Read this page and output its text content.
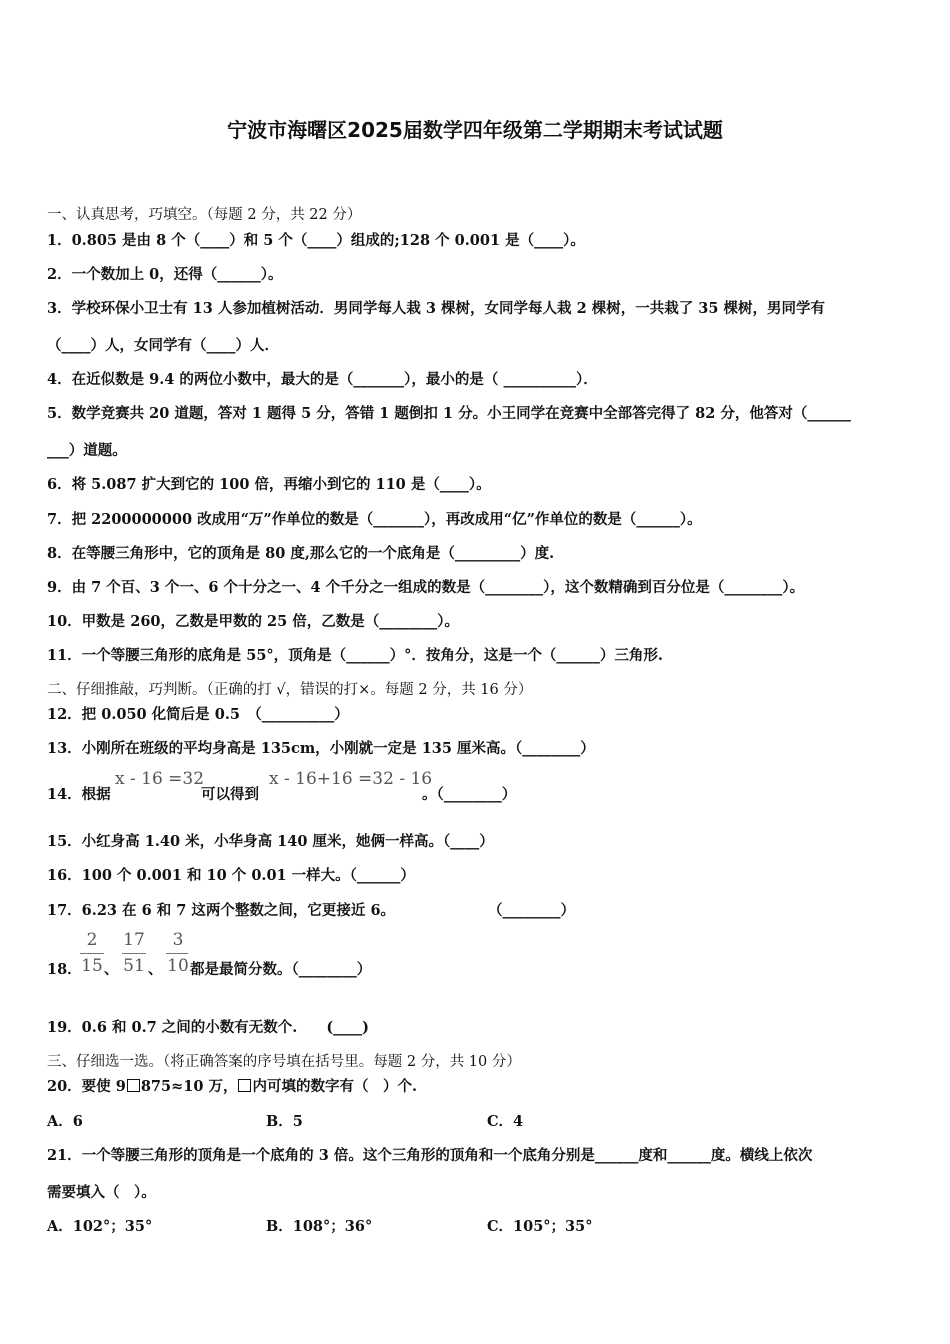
宁波市海曙区2025届数学四年级第二学期期末考试试题
一、认真思考，巧填空。（每题 2 分，共 22 分）
1．0.805 是由 8 个（____）和 5 个（____）组成的;128 个 0.001 是（____）。
2．一个数加上 0，还得（______）。
3．学校环保小卫士有 13 人参加植树活动．男同学每人栽 3 棵树，女同学每人栽 2 棵树，一共栽了 35 棵树，男同学有
（____）人，女同学有（____）人．
4．在近似数是 9.4 的两位小数中，最大的是（_______），最小的是（ __________）．
5．数学竞赛共 20 道题，答对 1 题得 5 分，答错 1 题倒扣 1 分。小王同学在竞赛中全部答完得了 82 分，他答对（______
___）道题。
6．将 5.087 扩大到它的 100 倍，再缩小到它的 110 是（____）。
7．把 2200000000 改成用“万”作单位的数是（_______），再改成用“亿”作单位的数是（______）。
8．在等腰三角形中，它的顶角是 80 度,那么它的一个底角是（_________）度.
9．由 7 个百、3 个一、6 个十分之一、4 个千分之一组成的数是（________），这个数精确到百分位是（________）。
10．甲数是 260，乙数是甲数的 25 倍，乙数是（________）。
11．一个等腰三角形的底角是 55°，顶角是（______）°．按角分，这是一个（______）三角形.
二、仔细推敲，巧判断。（正确的打 √，错误的打×。每题 2 分，共 16 分）
12．把 0.050 化简后是 0.5　（__________）
13．小刚所在班级的平均身高是 135cm，小刚就一定是 135 厘米高。（________）
14．根据
x - 16 =32
可以得到
x - 16+16 =32 - 16
。（________）
15．小红身高 1.40 米，小华身高 140 厘米，她俩一样高。（____）
16．100 个 0.001 和 10 个 0.01 一样大。（______）
17．6.23 在 6 和 7 这两个整数之间，它更接近 6。	（________）
18．
2
15 、
17
51 、
3
10 都是最简分数。（________）
19．0.6 和 0.7 之间的小数有无数个.　　(____)
三、仔细选一选。（将正确答案的序号填在括号里。每题 2 分，共 10 分）
20．要使 9 875≈10 万， 内可填的数字有（　）个.
A．6	B．5	C．4
21．一个等腰三角形的顶角是一个底角的 3 倍。这个三角形的顶角和一个底角分别是______度和______度。横线上依次
需要填入（　）。
A．102°；35°	B．108°；36°	C．105°；35°
